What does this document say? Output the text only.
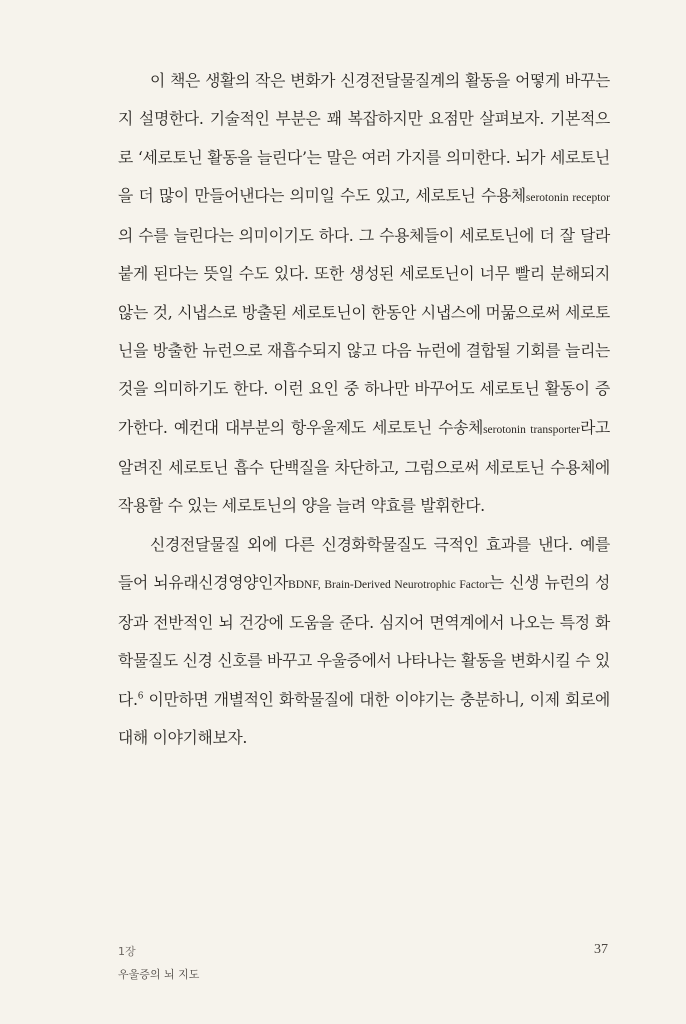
이 책은 생활의 작은 변화가 신경전달물질계의 활동을 어떻게 바꾸는지 설명한다. 기술적인 부분은 꽤 복잡하지만 요점만 살펴보자. 기본적으로 ‘세로토닌 활동을 늘린다’는 말은 여러 가지를 의미한다. 뇌가 세로토닌을 더 많이 만들어낸다는 의미일 수도 있고, 세로토닌 수용체serotonin receptor의 수를 늘린다는 의미이기도 하다. 그 수용체들이 세로토닌에 더 잘 달라붙게 된다는 뜻일 수도 있다. 또한 생성된 세로토닌이 너무 빨리 분해되지 않는 것, 시냅스로 방출된 세로토닌이 한동안 시냅스에 머묾으로써 세로토닌을 방출한 뉴런으로 재흡수되지 않고 다음 뉴런에 결합될 기회를 늘리는 것을 의미하기도 한다. 이런 요인 중 하나만 바꾸어도 세로토닌 활동이 증가한다. 예컨대 대부분의 항우울제도 세로토닌 수송체serotonin transporter라고 알려진 세로토닌 흡수 단백질을 차단하고, 그럼으로써 세로토닌 수용체에 작용할 수 있는 세로토닌의 양을 늘려 약효를 발휘한다.

신경전달물질 외에 다른 신경화학물질도 극적인 효과를 낸다. 예를 들어 뇌유래신경영양인자BDNF, Brain-Derived Neurotrophic Factor는 신생 뉴런의 성장과 전반적인 뇌 건강에 도움을 준다. 심지어 면역계에서 나오는 특정 화학물질도 신경 신호를 바꾸고 우울증에서 나타나는 활동을 변화시킬 수 있다.$^6$ 이만하면 개별적인 화학물질에 대한 이야기는 충분하니, 이제 회로에 대해 이야기해보자.

1장
우울증의 뇌 지도
37
